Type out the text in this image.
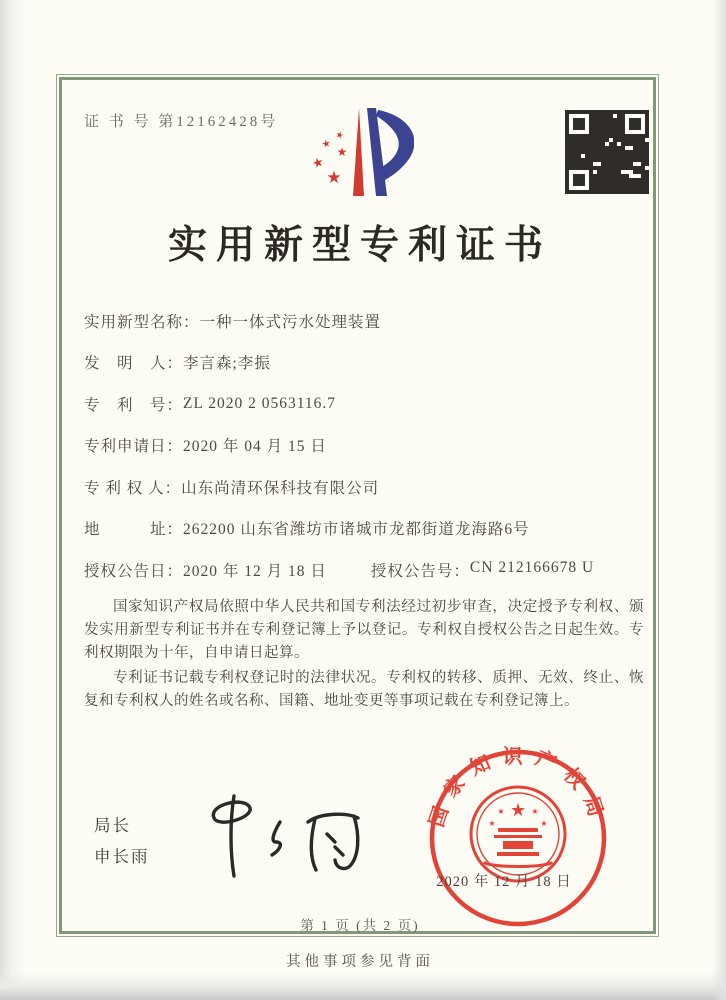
证 书 号 第12162428号
★
★
★
★
★
实用新型专利证书
实用新型名称： 一种一体式污水处理装置
发　明　人： 李言森;李振
专　利　号： ZL 2020 2 0563116.7
专利申请日： 2020 年 04 月 15 日
专 利 权 人： 山东尚清环保科技有限公司
地　　　址： 262200 山东省潍坊市诸城市龙都街道龙海路6号
授权公告日： 2020 年 12 月 18 日	授权公告号： CN 212166678 U

国家知识产权局依照中华人民共和国专利法经过初步审查，决定授予专利权、颁发实用新型专利证书并在专利登记簿上予以登记。专利权自授权公告之日起生效。专利权期限为十年，自申请日起算。

专利证书记载专利权登记时的法律状况。专利权的转移、质押、无效、终止、恢复和专利权人的姓名或名称、国籍、地址变更等事项记载在专利登记簿上。

局长
申长雨
国家知识产权局
★
★	★
★	★
2020 年 12 月 18 日
第 1 页 (共 2 页)
其他事项参见背面
